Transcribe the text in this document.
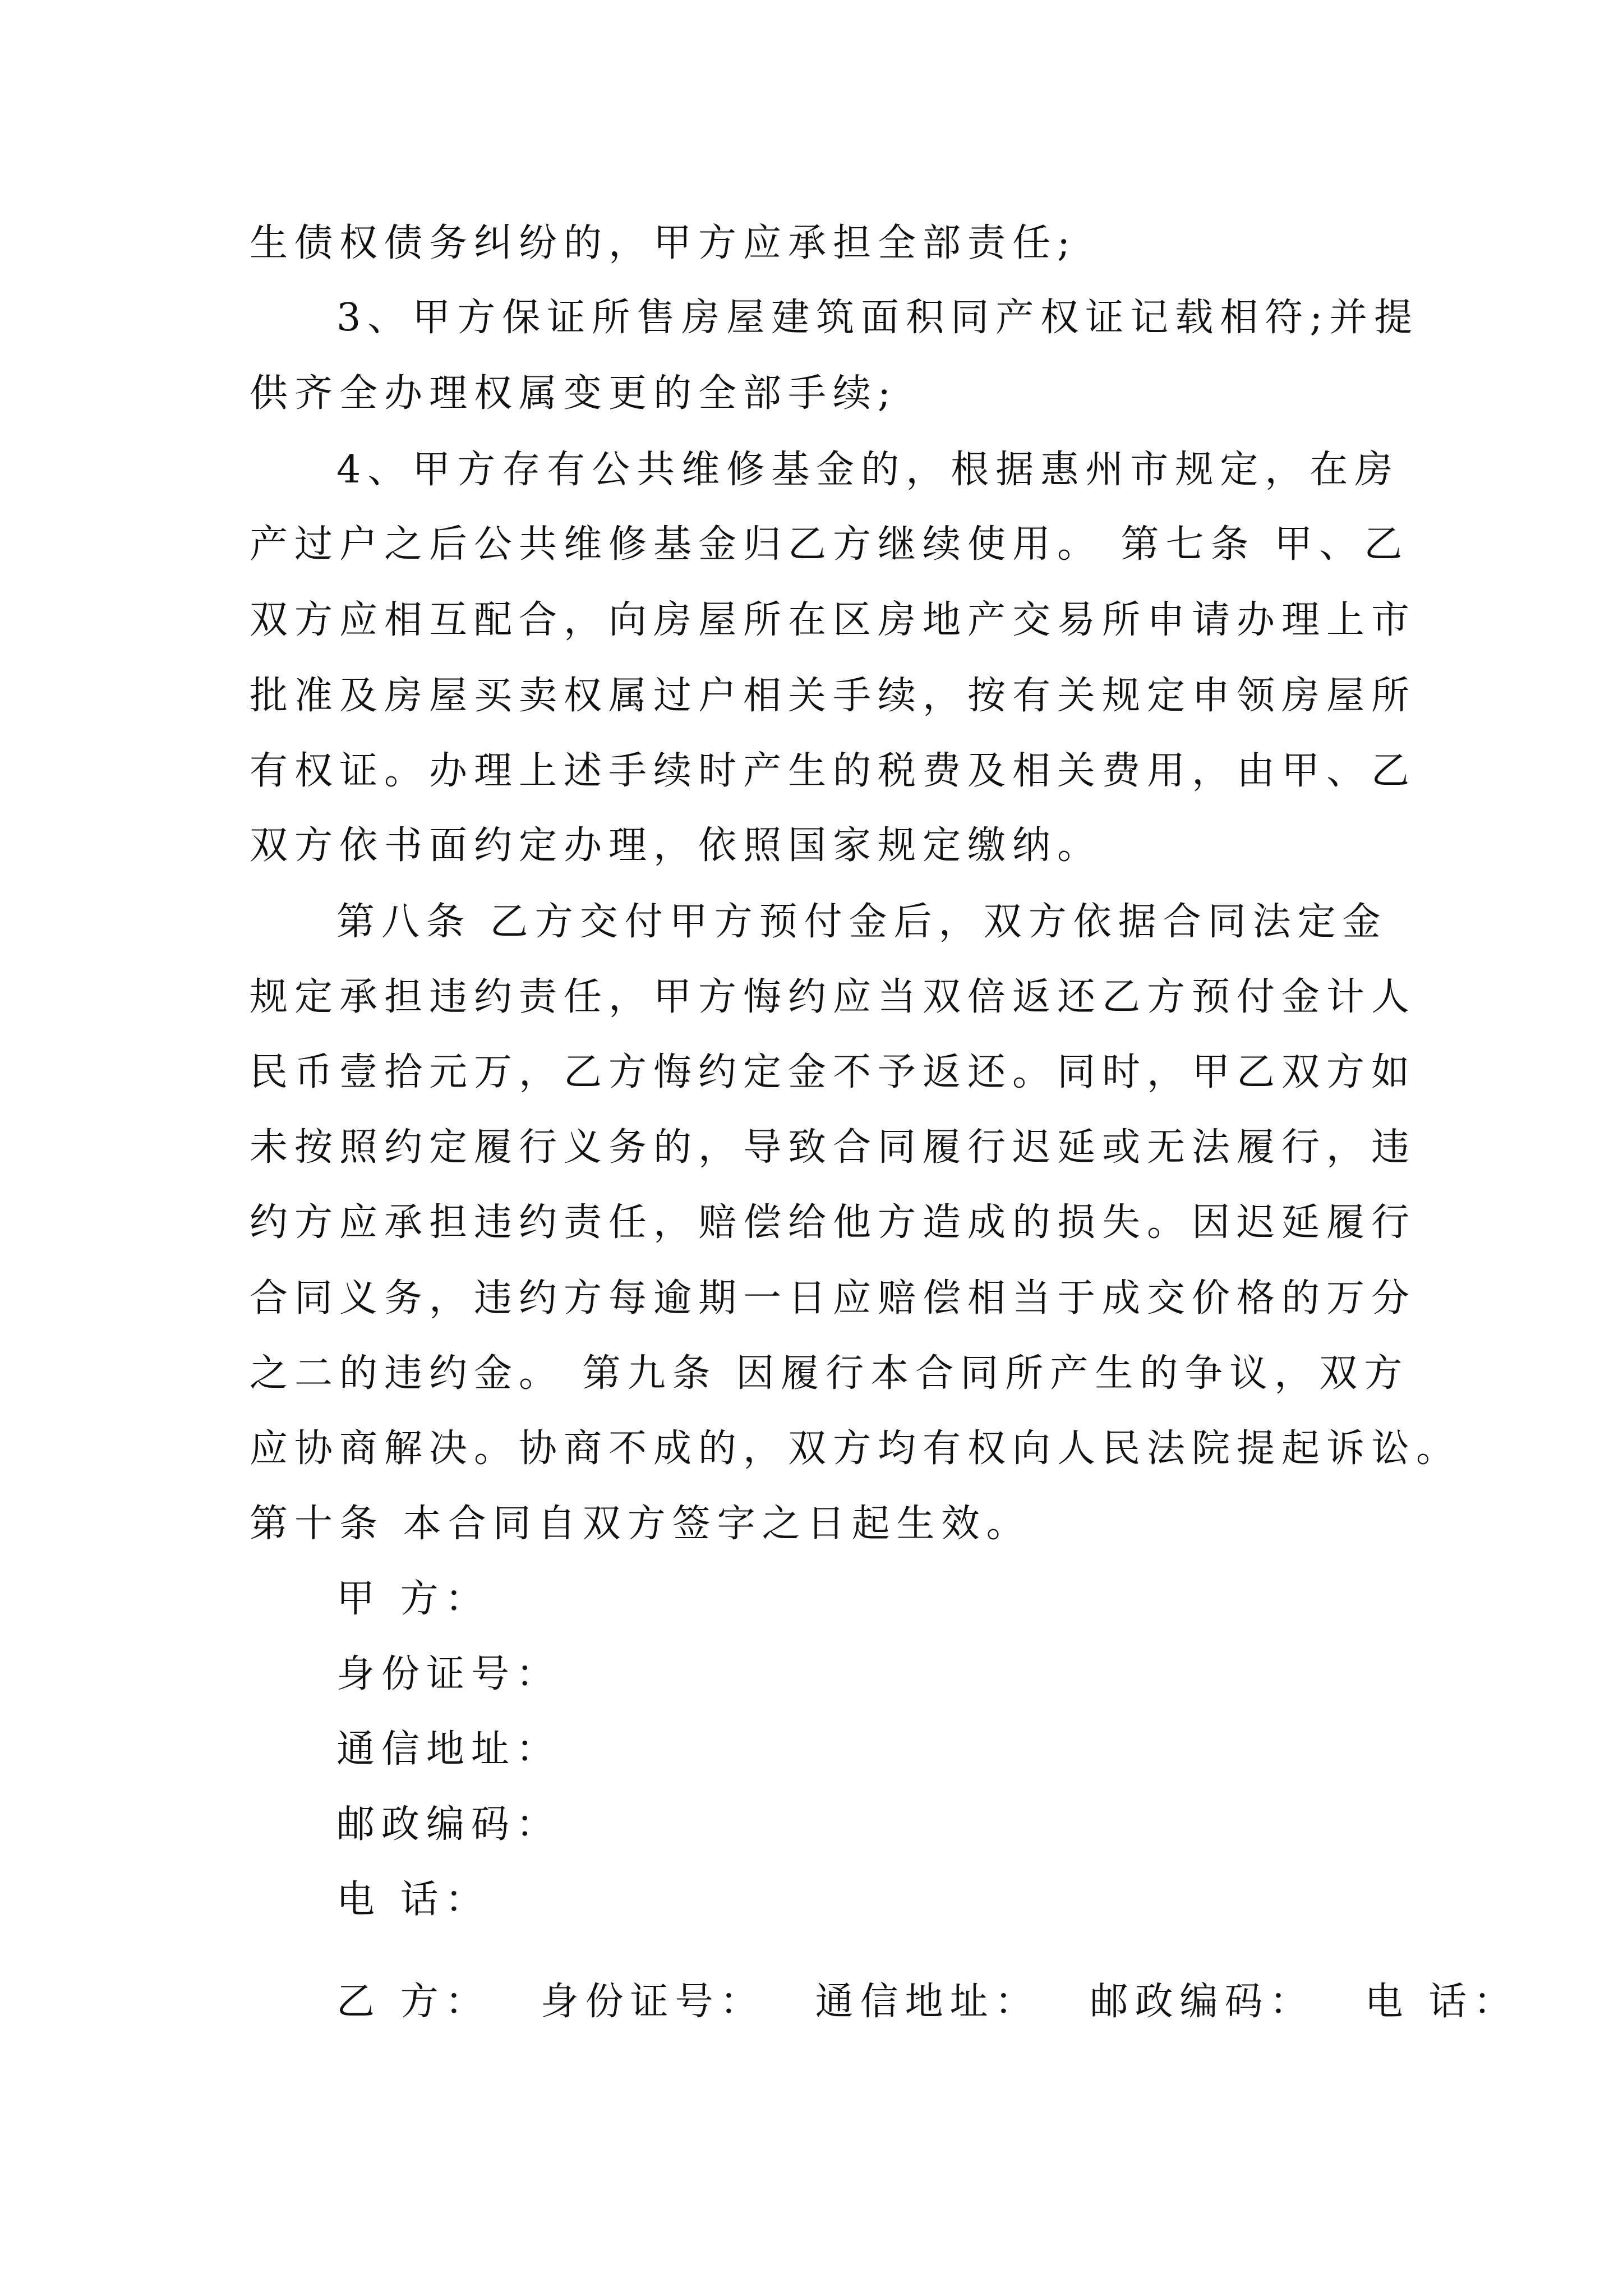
生债权债务纠纷的，甲方应承担全部责任;
3、甲方保证所售房屋建筑面积同产权证记载相符;并提
供齐全办理权属变更的全部手续;
4、甲方存有公共维修基金的，根据惠州市规定，在房
产过户之后公共维修基金归乙方继续使用。 第七条 甲、乙
双方应相互配合，向房屋所在区房地产交易所申请办理上市
批准及房屋买卖权属过户相关手续，按有关规定申领房屋所
有权证。办理上述手续时产生的税费及相关费用，由甲、乙
双方依书面约定办理，依照国家规定缴纳。
第八条 乙方交付甲方预付金后，双方依据合同法定金
规定承担违约责任，甲方悔约应当双倍返还乙方预付金计人
民币壹拾元万，乙方悔约定金不予返还。同时，甲乙双方如
未按照约定履行义务的，导致合同履行迟延或无法履行，违
约方应承担违约责任，赔偿给他方造成的损失。因迟延履行
合同义务，违约方每逾期一日应赔偿相当于成交价格的万分
之二的违约金。 第九条 因履行本合同所产生的争议，双方
应协商解决。协商不成的，双方均有权向人民法院提起诉讼。
第十条 本合同自双方签字之日起生效。
甲 方：
身份证号：
通信地址：
邮政编码：
电 话：
乙 方： 身份证号： 通信地址： 邮政编码： 电 话：
